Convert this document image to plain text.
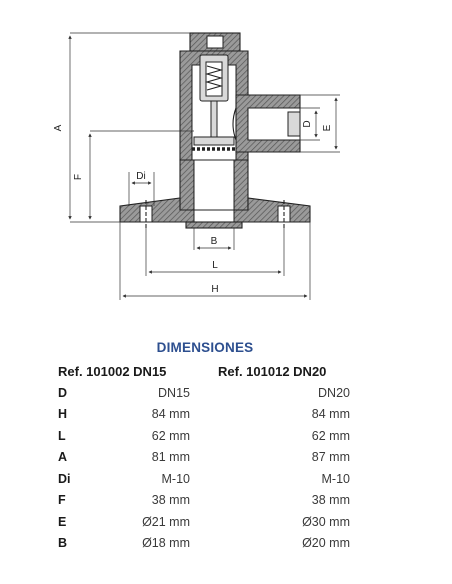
A
F	Di
B
L
H
D
E
DIMENSIONES
Ref. 101002 DN15	Ref. 101012 DN20
D	DN15	DN20
H	84 mm	84 mm
L	62 mm	62 mm
A	81 mm	87 mm
Di	M-10	M-10
F	38 mm	38 mm
E	Ø21 mm	Ø30 mm
B	Ø18 mm	Ø20 mm
